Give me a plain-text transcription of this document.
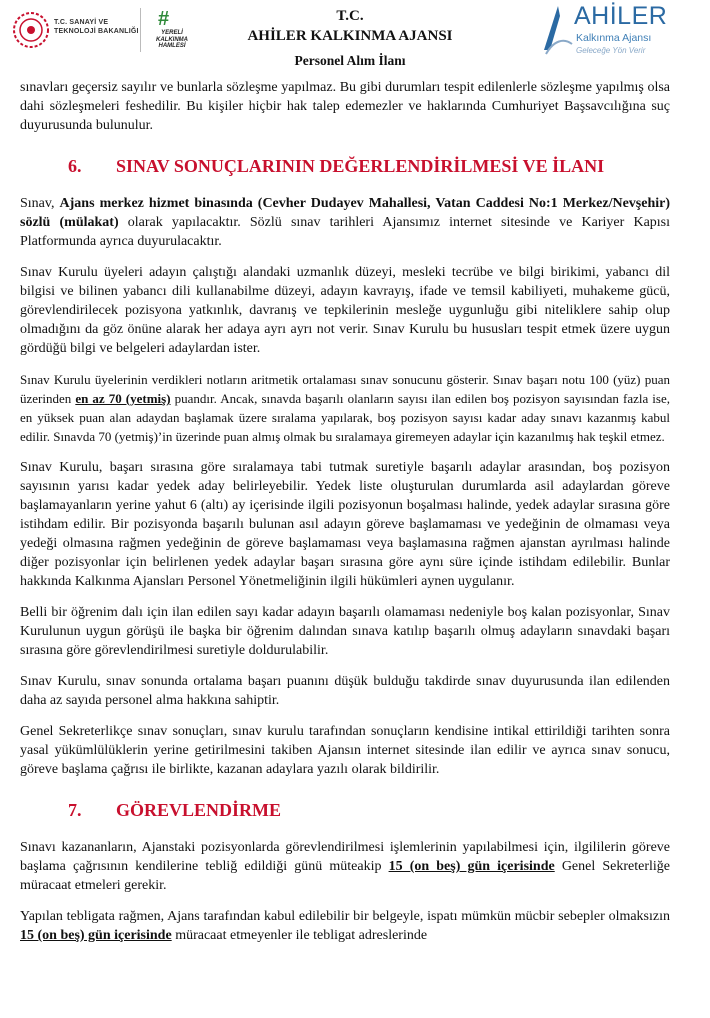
T.C. SANAYİ VE
TEKNOLOJİ BAKANLIĞI
#
YERELİ
KALKINMA
HAMLESİ
T.C.
AHİLER KALKINMA AJANSI
Personel Alım İlanı
AHİLER
Kalkınma Ajansı
Geleceğe Yön Verir

sınavları geçersiz sayılır ve bunlarla sözleşme yapılmaz. Bu gibi durumları tespit edilenlerle sözleşme yapılmış olsa dahi sözleşmeleri feshedilir. Bu kişiler hiçbir hak talep edemezler ve haklarında Cumhuriyet Başsavcılığına suç duyurusunda bulunulur.

6. SINAV SONUÇLARININ DEĞERLENDİRİLMESİ VE İLANI

Sınav, Ajans merkez hizmet binasında (Cevher Dudayev Mahallesi, Vatan Caddesi No:1 Merkez/Nevşehir) sözlü (mülakat) olarak yapılacaktır. Sözlü sınav tarihleri Ajansımız internet sitesinde ve Kariyer Kapısı Platformunda ayrıca duyurulacaktır.

Sınav Kurulu üyeleri adayın çalıştığı alandaki uzmanlık düzeyi, mesleki tecrübe ve bilgi birikimi, yabancı dil bilgisi ve bilinen yabancı dili kullanabilme düzeyi, adayın kavrayış, ifade ve temsil kabiliyeti, muhakeme gücü, görevlendirilecek pozisyona yatkınlık, davranış ve tepkilerinin mesleğe uygunluğu gibi niteliklere sahip olup olmadığını da göz önüne alarak her adaya ayrı ayrı not verir. Sınav Kurulu bu hususları tespit etmek üzere uygun gördüğü bilgi ve belgeleri adaylardan ister.

Sınav Kurulu üyelerinin verdikleri notların aritmetik ortalaması sınav sonucunu gösterir. Sınav başarı notu 100 (yüz) puan üzerinden en az 70 (yetmiş) puandır. Ancak, sınavda başarılı olanların sayısı ilan edilen boş pozisyon sayısından fazla ise, en yüksek puan alan adaydan başlamak üzere sıralama yapılarak, boş pozisyon sayısı kadar aday sınavı kazanmış kabul edilir. Sınavda 70 (yetmiş)’in üzerinde puan almış olmak bu sıralamaya giremeyen adaylar için kazanılmış hak teşkil etmez.

Sınav Kurulu, başarı sırasına göre sıralamaya tabi tutmak suretiyle başarılı adaylar arasından, boş pozisyon sayısının yarısı kadar yedek aday belirleyebilir. Yedek liste oluşturulan durumlarda asil adaylardan göreve başlamayanların yerine yahut 6 (altı) ay içerisinde ilgili pozisyonun boşalması halinde, yedek adaylar sırasına göre istihdam edilir. Bir pozisyonda başarılı bulunan asıl adayın göreve başlamaması ve yedeğinin de olmaması veya yedeği olmasına rağmen yedeğinin de göreve başlamaması veya başlamasına rağmen ajanstan ayrılması halinde diğer pozisyonlar için belirlenen yedek adaylar başarı sırasına göre aynı süre içinde istihdam edilebilir. Bunlar hakkında Kalkınma Ajansları Personel Yönetmeliğinin ilgili hükümleri aynen uygulanır.

Belli bir öğrenim dalı için ilan edilen sayı kadar adayın başarılı olamaması nedeniyle boş kalan pozisyonlar, Sınav Kurulunun uygun görüşü ile başka bir öğrenim dalından sınava katılıp başarılı olmuş adayların sınavdaki başarı sırasına göre görevlendirilmesi suretiyle doldurulabilir.

Sınav Kurulu, sınav sonunda ortalama başarı puanını düşük bulduğu takdirde sınav duyurusunda ilan edilenden daha az sayıda personel alma hakkına sahiptir.

Genel Sekreterlikçe sınav sonuçları, sınav kurulu tarafından sonuçların kendisine intikal ettirildiği tarihten sonra yasal yükümlülüklerin yerine getirilmesini takiben Ajansın internet sitesinde ilan edilir ve ayrıca sınav sonucu, göreve başlama çağrısı ile birlikte, kazanan adaylara yazılı olarak bildirilir.

7. GÖREVLENDİRME

Sınavı kazananların, Ajanstaki pozisyonlarda görevlendirilmesi işlemlerinin yapılabilmesi için, ilgililerin göreve başlama çağrısının kendilerine tebliğ edildiği günü müteakip 15 (on beş) gün içerisinde Genel Sekreterliğe müracaat etmeleri gerekir.

Yapılan tebligata rağmen, Ajans tarafından kabul edilebilir bir belgeyle, ispatı mümkün mücbir sebepler olmaksızın 15 (on beş) gün içerisinde müracaat etmeyenler ile tebligat adreslerinde
